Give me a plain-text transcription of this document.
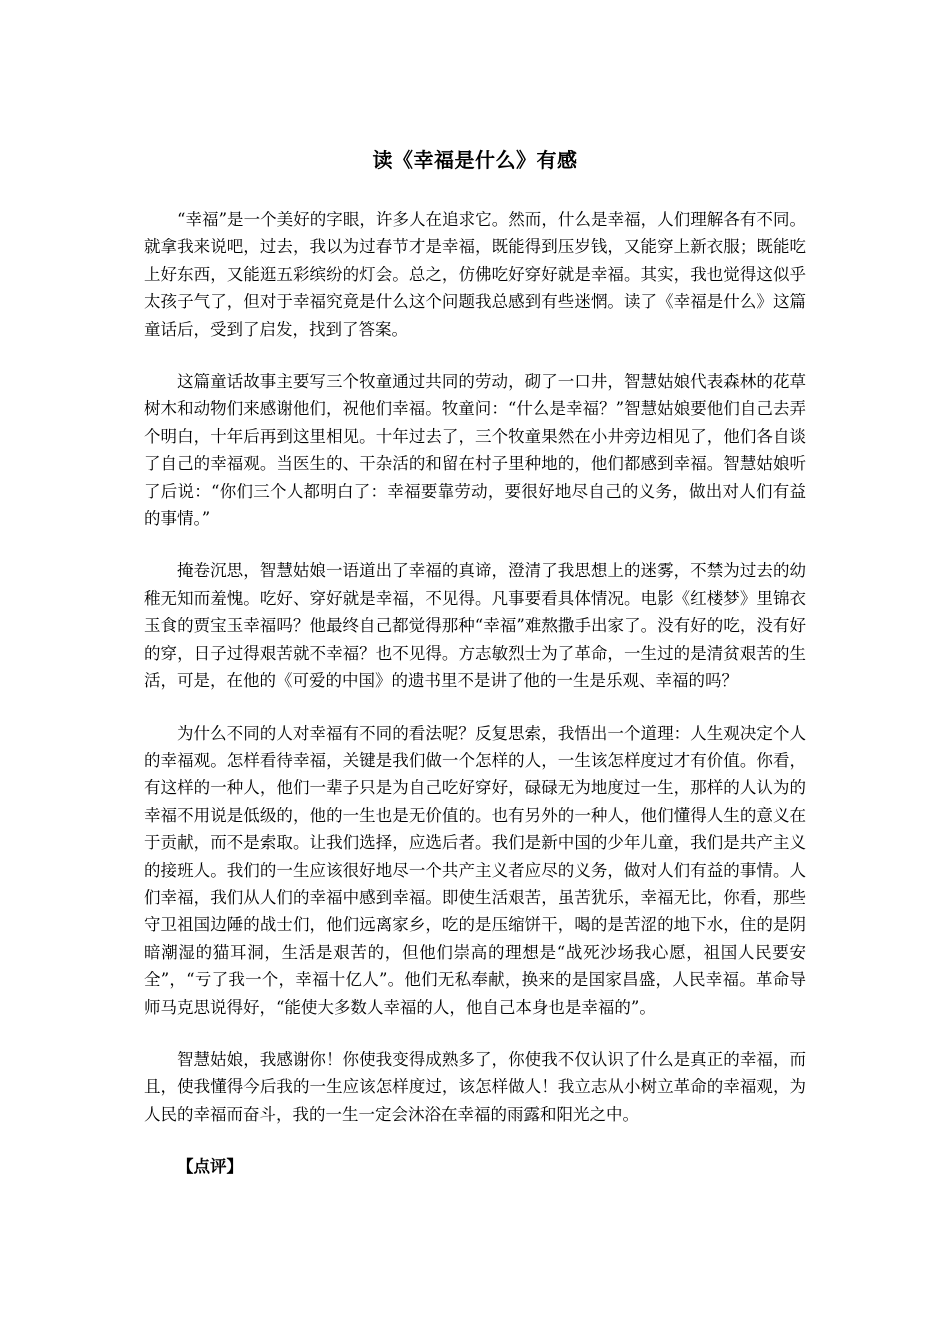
读《幸福是什么》有感

“幸福”是一个美好的字眼，许多人在追求它。然而，什么是幸福，人们理解各有不同。就拿我来说吧，过去，我以为过春节才是幸福，既能得到压岁钱，又能穿上新衣服；既能吃上好东西，又能逛五彩缤纷的灯会。总之，仿佛吃好穿好就是幸福。其实，我也觉得这似乎太孩子气了，但对于幸福究竟是什么这个问题我总感到有些迷惘。读了《幸福是什么》这篇童话后，受到了启发，找到了答案。

这篇童话故事主要写三个牧童通过共同的劳动，砌了一口井，智慧姑娘代表森林的花草树木和动物们来感谢他们，祝他们幸福。牧童问：“什么是幸福？”智慧姑娘要他们自己去弄个明白，十年后再到这里相见。十年过去了，三个牧童果然在小井旁边相见了，他们各自谈了自己的幸福观。当医生的、干杂活的和留在村子里种地的，他们都感到幸福。智慧姑娘听了后说：“你们三个人都明白了：幸福要靠劳动，要很好地尽自己的义务，做出对人们有益的事情。”

掩卷沉思，智慧姑娘一语道出了幸福的真谛，澄清了我思想上的迷雾，不禁为过去的幼稚无知而羞愧。吃好、穿好就是幸福，不见得。凡事要看具体情况。电影《红楼梦》里锦衣玉食的贾宝玉幸福吗？他最终自己都觉得那种“幸福”难熬撒手出家了。没有好的吃，没有好的穿，日子过得艰苦就不幸福？也不见得。方志敏烈士为了革命，一生过的是清贫艰苦的生活，可是，在他的《可爱的中国》的遗书里不是讲了他的一生是乐观、幸福的吗？

为什么不同的人对幸福有不同的看法呢？反复思索，我悟出一个道理：人生观决定个人的幸福观。怎样看待幸福，关键是我们做一个怎样的人，一生该怎样度过才有价值。你看，有这样的一种人，他们一辈子只是为自己吃好穿好，碌碌无为地度过一生，那样的人认为的幸福不用说是低级的，他的一生也是无价值的。也有另外的一种人，他们懂得人生的意义在于贡献，而不是索取。让我们选择，应选后者。我们是新中国的少年儿童，我们是共产主义的接班人。我们的一生应该很好地尽一个共产主义者应尽的义务，做对人们有益的事情。人们幸福，我们从人们的幸福中感到幸福。即使生活艰苦，虽苦犹乐，幸福无比，你看，那些守卫祖国边陲的战士们，他们远离家乡，吃的是压缩饼干，喝的是苦涩的地下水，住的是阴暗潮湿的猫耳洞，生活是艰苦的，但他们崇高的理想是“战死沙场我心愿，祖国人民要安全”，“亏了我一个，幸福十亿人”。他们无私奉献，换来的是国家昌盛，人民幸福。革命导师马克思说得好，“能使大多数人幸福的人，他自己本身也是幸福的”。

智慧姑娘，我感谢你！你使我变得成熟多了，你使我不仅认识了什么是真正的幸福，而且，使我懂得今后我的一生应该怎样度过，该怎样做人！我立志从小树立革命的幸福观，为人民的幸福而奋斗，我的一生一定会沐浴在幸福的雨露和阳光之中。

【点评】
